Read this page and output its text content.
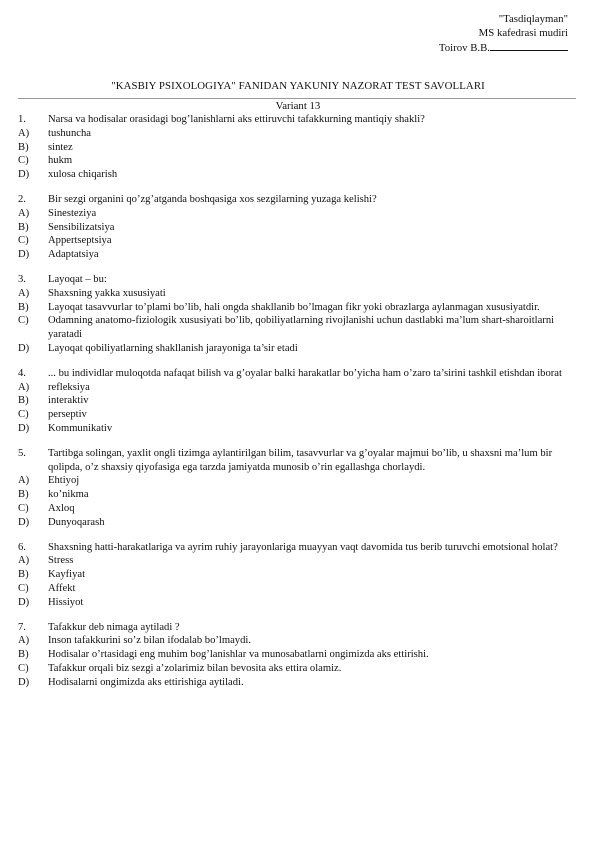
"Tasdiqlayman"
MS kafedrasi mudiri
Toirov B.B.
"KASBIY PSIXOLOGIYA" FANIDAN YAKUNIY NAZORAT TEST SAVOLLARI
Variant 13
1.	Narsa va hodisalar orasidagi bog’lanishlarni aks ettiruvchi tafakkurning mantiqiy shakli?
A)	tushuncha
B)	sintez
C)	hukm
D)	xulosa chiqarish
2.	Bir sezgi organini qo’zg’atganda boshqasiga xos sezgilarning yuzaga kelishi?
A)	Sinesteziya
B)	Sensibilizatsiya
C)	Appertseptsiya
D)	Adaptatsiya
3.	Layoqat – bu:
A)	Shaxsning yakka xususiyati
B)	Layoqat tasavvurlar to’plami bo’lib, hali ongda shakllanib bo’lmagan fikr yoki obrazlarga aylanmagan xususiyatdir.
C)	Odamning anatomo-fiziologik xususiyati bo’lib, qobiliyatlarning rivojlanishi uchun dastlabki ma’lum shart-sharoitlarni yaratadi
D)	Layoqat qobiliyatlarning shakllanish jarayoniga ta’sir etadi
4.	... bu individlar muloqotda nafaqat bilish va g’oyalar balki harakatlar bo’yicha ham o’zaro ta’sirini tashkil etishdan iborat
A)	refleksiya
B)	interaktiv
C)	perseptiv
D)	Kommunikativ
5.	Tartibga solingan, yaxlit ongli tizimga aylantirilgan bilim, tasavvurlar va g’oyalar majmui bo’lib, u shaxsni ma’lum bir qolipda, o’z shaxsiy qiyofasiga ega tarzda jamiyatda munosib o’rin egallashga chorlaydi.
A)	Ehtiyoj
B)	ko’nikma
C)	Axloq
D)	Dunyoqarash
6.	Shaxsning hatti-harakatlariga va ayrim ruhiy jarayonlariga muayyan vaqt davomida tus berib turuvchi emotsional holat?
A)	Stress
B)	Kayfiyat
C)	Affekt
D)	Hissiyot
7.	Tafakkur deb nimaga aytiladi ?
A)	Inson tafakkurini so’z bilan ifodalab bo’lmaydi.
B)	Hodisalar o’rtasidagi eng muhim bog’lanishlar va munosabatlarni ongimizda aks ettirishi.
C)	Tafakkur orqali biz sezgi a’zolarimiz bilan bevosita aks ettira olamiz.
D)	Hodisalarni ongimizda aks ettirishiga aytiladi.
